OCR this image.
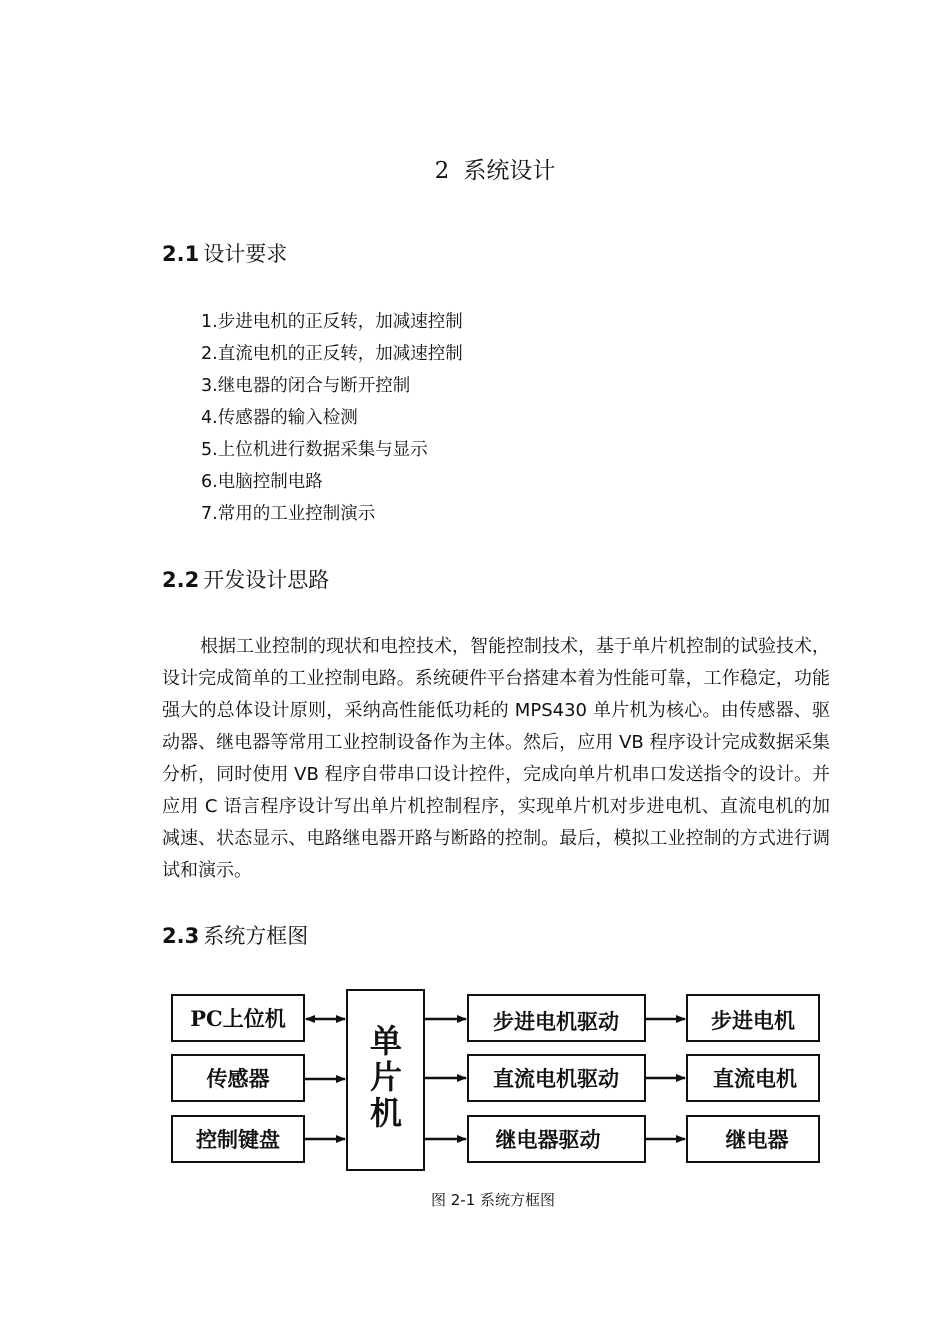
2 系统设计
2.1 设计要求
1.步进电机的正反转，加减速控制
2.直流电机的正反转，加减速控制
3.继电器的闭合与断开控制
4.传感器的输入检测
5.上位机进行数据采集与显示
6.电脑控制电路
7.常用的工业控制演示
2.2 开发设计思路

根据工业控制的现状和电控技术，智能控制技术，基于单片机控制的试验技术，设计完成简单的工业控制电路。系统硬件平台搭建本着为性能可靠，工作稳定，功能强大的总体设计原则，采纳高性能低功耗的 MPS430 单片机为核心。由传感器、驱动器、继电器等常用工业控制设备作为主体。然后，应用 VB 程序设计完成数据采集分析，同时使用 VB 程序自带串口设计控件，完成向单片机串口发送指令的设计。并应用 C 语言程序设计写出单片机控制程序，实现单片机对步进电机、直流电机的加减速、状态显示、电路继电器开路与断路的控制。最后，模拟工业控制的方式进行调试和演示。

2.3 系统方框图
PC上位机
传感器
控制键盘
步进电机驱动
直流电机驱动
继电器驱动
步进电机
直流电机
继电器
单
片
机
图 2-1 系统方框图
